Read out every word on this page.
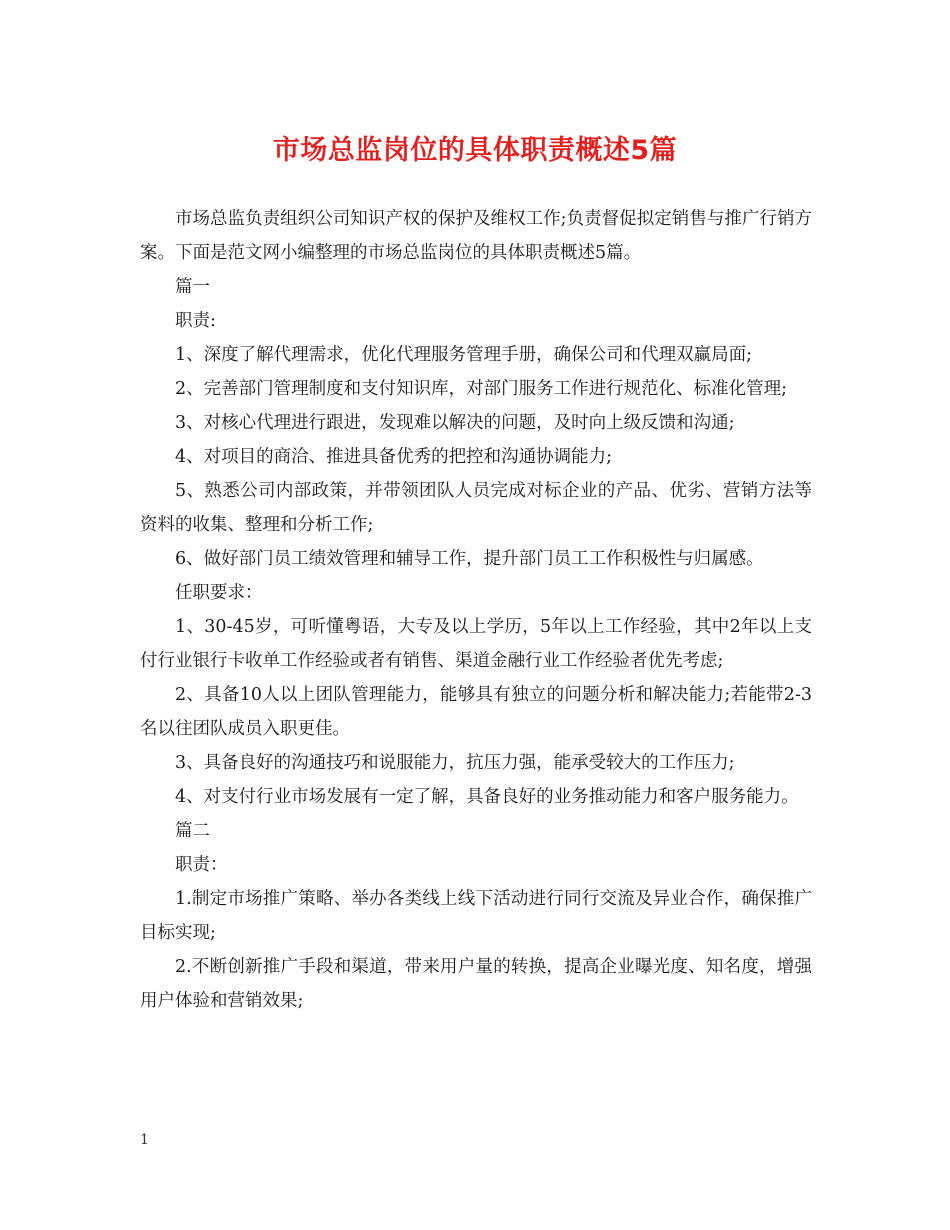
市场总监岗位的具体职责概述5篇

市场总监负责组织公司知识产权的保护及维权工作;负责督促拟定销售与推广行销方案。下面是范文网小编整理的市场总监岗位的具体职责概述5篇。

篇一

职责:

1、深度了解代理需求，优化代理服务管理手册，确保公司和代理双赢局面;

2、完善部门管理制度和支付知识库，对部门服务工作进行规范化、标准化管理;

3、对核心代理进行跟进，发现难以解决的问题，及时向上级反馈和沟通;

4、对项目的商洽、推进具备优秀的把控和沟通协调能力;

5、熟悉公司内部政策，并带领团队人员完成对标企业的产品、优劣、营销方法等资料的收集、整理和分析工作;

6、做好部门员工绩效管理和辅导工作，提升部门员工工作积极性与归属感。

任职要求：

1、30-45岁，可听懂粤语，大专及以上学历，5年以上工作经验，其中2年以上支付行业银行卡收单工作经验或者有销售、渠道金融行业工作经验者优先考虑;

2、具备10人以上团队管理能力，能够具有独立的问题分析和解决能力;若能带2-3名以往团队成员入职更佳。

3、具备良好的沟通技巧和说服能力，抗压力强，能承受较大的工作压力;

4、对支付行业市场发展有一定了解，具备良好的业务推动能力和客户服务能力。

篇二

职责：

1.制定市场推广策略、举办各类线上线下活动进行同行交流及异业合作，确保推广目标实现;

2.不断创新推广手段和渠道，带来用户量的转换，提高企业曝光度、知名度，增强用户体验和营销效果;

1
